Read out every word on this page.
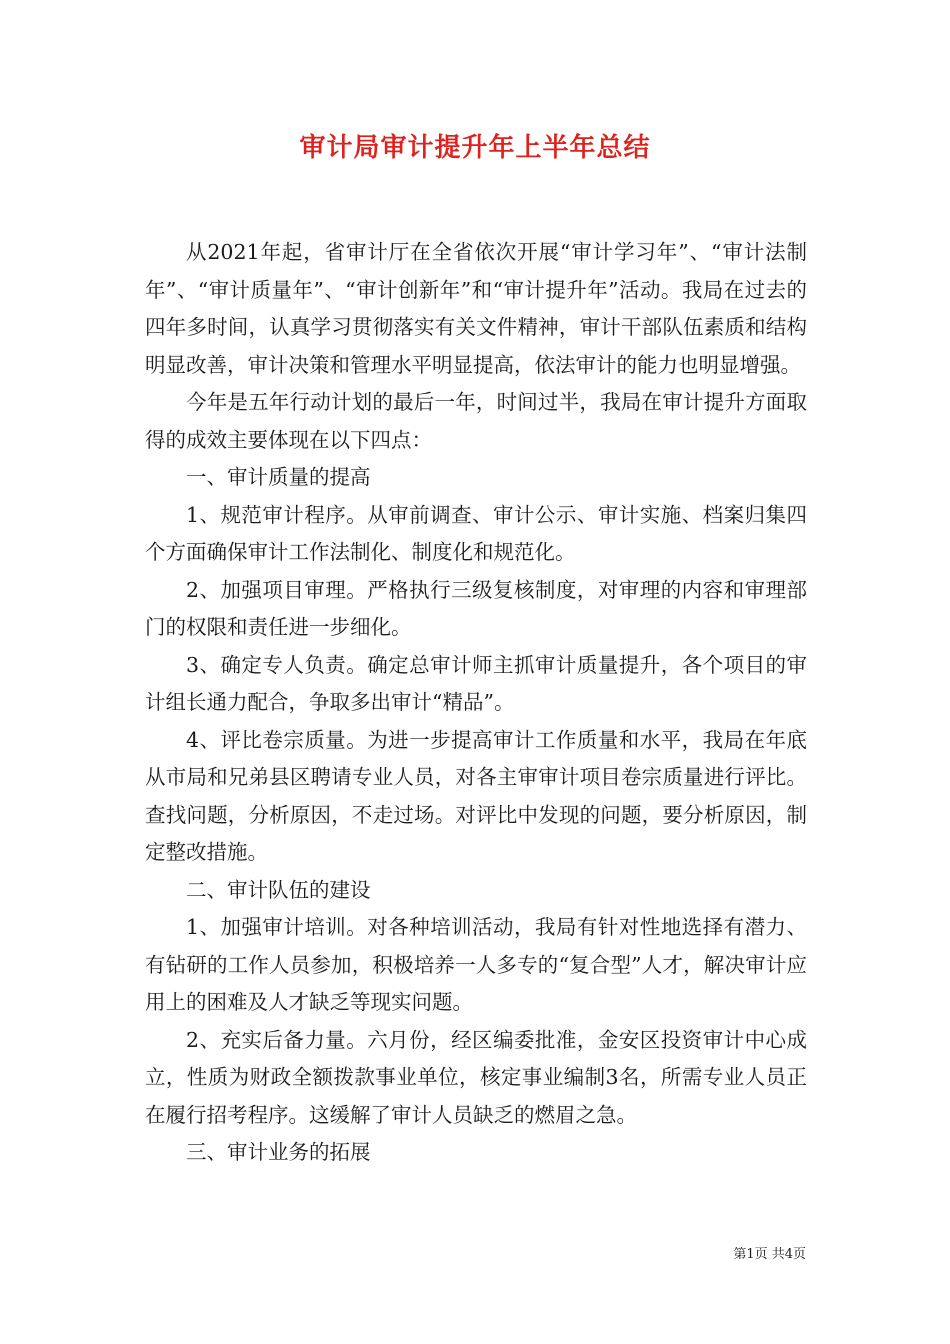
审计局审计提升年上半年总结

从2021年起，省审计厅在全省依次开展“审计学习年”、“审计法制年”、“审计质量年”、“审计创新年”和“审计提升年”活动。我局在过去的四年多时间，认真学习贯彻落实有关文件精神，审计干部队伍素质和结构明显改善，审计决策和管理水平明显提高，依法审计的能力也明显增强。

今年是五年行动计划的最后一年，时间过半，我局在审计提升方面取得的成效主要体现在以下四点：

一、审计质量的提高

1、规范审计程序。从审前调查、审计公示、审计实施、档案归集四个方面确保审计工作法制化、制度化和规范化。

2、加强项目审理。严格执行三级复核制度，对审理的内容和审理部门的权限和责任进一步细化。

3、确定专人负责。确定总审计师主抓审计质量提升，各个项目的审计组长通力配合，争取多出审计“精品”。

4、评比卷宗质量。为进一步提高审计工作质量和水平，我局在年底从市局和兄弟县区聘请专业人员，对各主审审计项目卷宗质量进行评比。查找问题，分析原因，不走过场。对评比中发现的问题，要分析原因，制定整改措施。

二、审计队伍的建设

1、加强审计培训。对各种培训活动，我局有针对性地选择有潜力、有钻研的工作人员参加，积极培养一人多专的“复合型”人才，解决审计应用上的困难及人才缺乏等现实问题。

2、充实后备力量。六月份，经区编委批准，金安区投资审计中心成立，性质为财政全额拨款事业单位，核定事业编制3名，所需专业人员正在履行招考程序。这缓解了审计人员缺乏的燃眉之急。

三、审计业务的拓展

第1页 共4页
